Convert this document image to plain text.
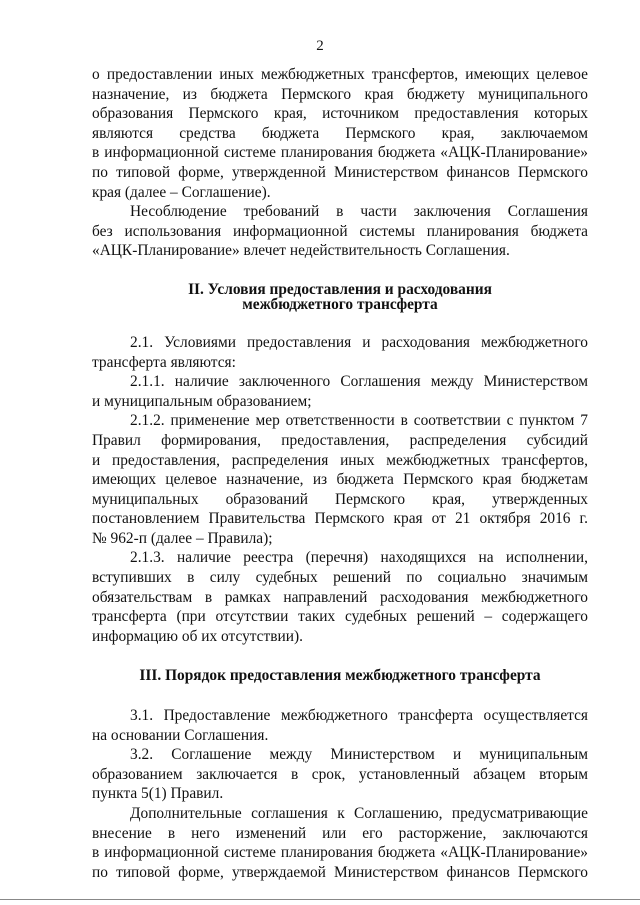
2

о предоставлении иных межбюджетных трансфертов, имеющих целевое

назначение, из бюджета Пермского края бюджету муниципального

образования Пермского края, источником предоставления которых

являются средства бюджета Пермского края, заключаемом

в информационной системе планирования бюджета «АЦК-Планирование»

по типовой форме, утвержденной Министерством финансов Пермского

края (далее – Соглашение).

Несоблюдение требований в части заключения Соглашения

без использования информационной системы планирования бюджета

«АЦК-Планирование» влечет недействительность Соглашения.

II. Условия предоставления и расходования

межбюджетного трансферта

2.1. Условиями предоставления и расходования межбюджетного

трансферта являются:

2.1.1. наличие заключенного Соглашения между Министерством

и муниципальным образованием;

2.1.2. применение мер ответственности в соответствии с пунктом 7

Правил формирования, предоставления, распределения субсидий

и предоставления, распределения иных межбюджетных трансфертов,

имеющих целевое назначение, из бюджета Пермского края бюджетам

муниципальных образований Пермского края, утвержденных

постановлением Правительства Пермского края от 21 октября 2016 г.

№ 962-п (далее – Правила);

2.1.3. наличие реестра (перечня) находящихся на исполнении,

вступивших в силу судебных решений по социально значимым

обязательствам в рамках направлений расходования межбюджетного

трансферта (при отсутствии таких судебных решений – содержащего

информацию об их отсутствии).

III. Порядок предоставления межбюджетного трансферта

3.1. Предоставление межбюджетного трансферта осуществляется

на основании Соглашения.

3.2. Соглашение между Министерством и муниципальным

образованием заключается в срок, установленный абзацем вторым

пункта 5(1) Правил.

Дополнительные соглашения к Соглашению, предусматривающие

внесение в него изменений или его расторжение, заключаются

в информационной системе планирования бюджета «АЦК-Планирование»

по типовой форме, утверждаемой Министерством финансов Пермского
